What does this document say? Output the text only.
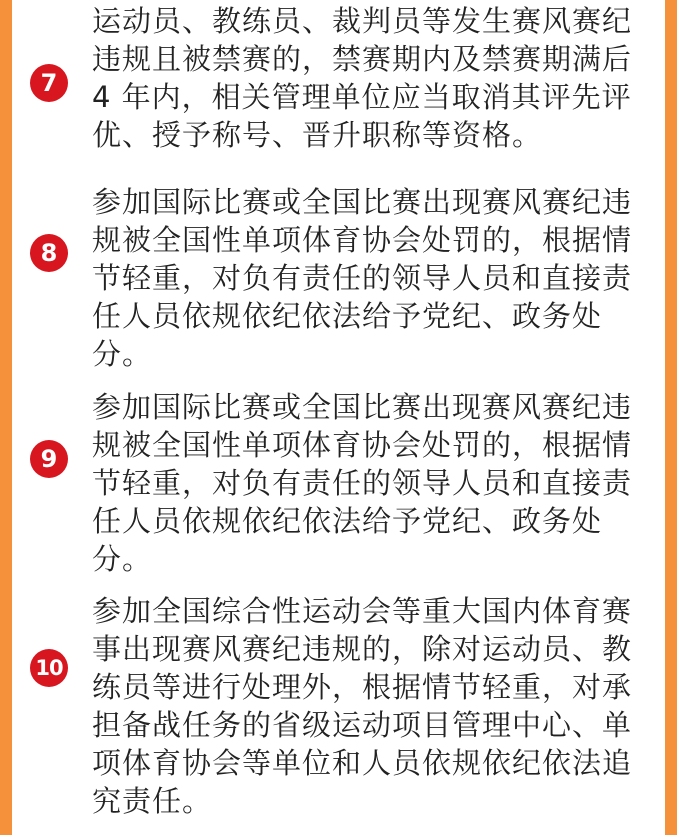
7
运动员、教练员、裁判员等发生赛风赛纪违规且被禁赛的，禁赛期内及禁赛期满后 4 年内，相关管理单位应当取消其评先评优、授予称号、晋升职称等资格。
8
参加国际比赛或全国比赛出现赛风赛纪违规被全国性单项体育协会处罚的，根据情节轻重，对负有责任的领导人员和直接责任人员依规依纪依法给予党纪、政务处分。
9
参加国际比赛或全国比赛出现赛风赛纪违规被全国性单项体育协会处罚的，根据情节轻重，对负有责任的领导人员和直接责任人员依规依纪依法给予党纪、政务处分。
10
参加全国综合性运动会等重大国内体育赛事出现赛风赛纪违规的，除对运动员、教练员等进行处理外，根据情节轻重，对承担备战任务的省级运动项目管理中心、单项体育协会等单位和人员依规依纪依法追究责任。
